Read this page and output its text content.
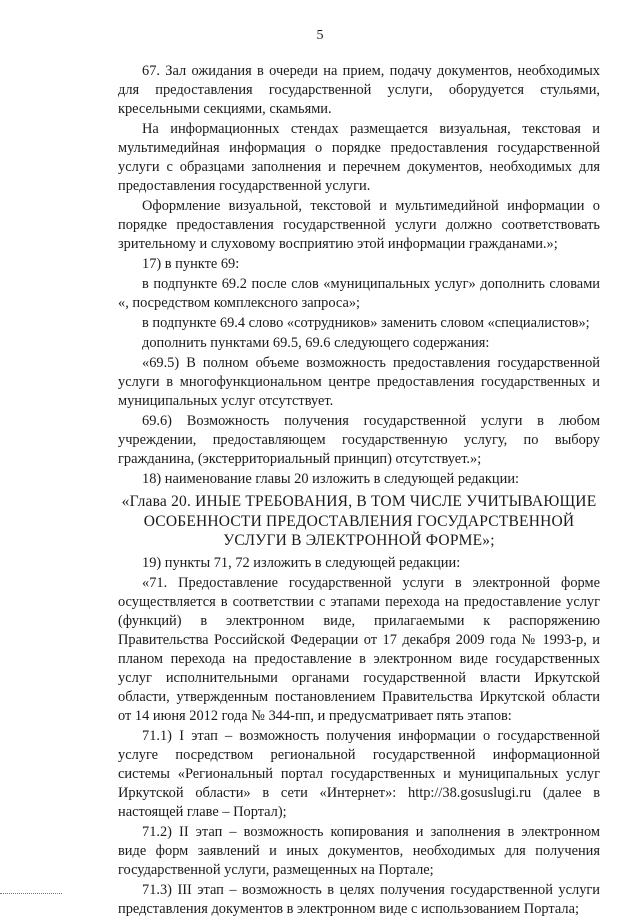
5

67. Зал ожидания в очереди на прием, подачу документов, необходимых для предоставления государственной услуги, оборудуется стульями, кресельными секциями, скамьями.

На информационных стендах размещается визуальная, текстовая и мультимедийная информация о порядке предоставления государственной услуги с образцами заполнения и перечнем документов, необходимых для предоставления государственной услуги.

Оформление визуальной, текстовой и мультимедийной информации о порядке предоставления государственной услуги должно соответствовать зрительному и слуховому восприятию этой информации гражданами.»;

17) в пункте 69:

в подпункте 69.2 после слов «муниципальных услуг» дополнить словами «, посредством комплексного запроса»;

в подпункте 69.4 слово «сотрудников» заменить словом «специалистов»;

дополнить пунктами 69.5, 69.6 следующего содержания:

«69.5) В полном объеме возможность предоставления государственной услуги в многофункциональном центре предоставления государственных и муниципальных услуг отсутствует.

69.6) Возможность получения государственной услуги в любом учреждении, предоставляющем государственную услугу, по выбору гражданина, (экстерриториальный принцип) отсутствует.»;

18) наименование главы 20 изложить в следующей редакции:

«Глава 20. ИНЫЕ ТРЕБОВАНИЯ, В ТОМ ЧИСЛЕ УЧИТЫВАЮЩИЕ ОСОБЕННОСТИ ПРЕДОСТАВЛЕНИЯ ГОСУДАРСТВЕННОЙ УСЛУГИ В ЭЛЕКТРОННОЙ ФОРМЕ»;

19) пункты 71, 72 изложить в следующей редакции:

«71. Предоставление государственной услуги в электронной форме осуществляется в соответствии с этапами перехода на предоставление услуг (функций) в электронном виде, прилагаемыми к распоряжению Правительства Российской Федерации от 17 декабря 2009 года № 1993-р, и планом перехода на предоставление в электронном виде государственных услуг исполнительными органами государственной власти Иркутской области, утвержденным постановлением Правительства Иркутской области от 14 июня 2012 года № 344-пп, и предусматривает пять этапов:

71.1) I этап – возможность получения информации о государственной услуге посредством региональной государственной информационной системы «Региональный портал государственных и муниципальных услуг Иркутской области» в сети «Интернет»: http://38.gosuslugi.ru (далее в настоящей главе – Портал);

71.2) II этап – возможность копирования и заполнения в электронном виде форм заявлений и иных документов, необходимых для получения государственной услуги, размещенных на Портале;

71.3) III этап – возможность в целях получения государственной услуги представления документов в электронном виде с использованием Портала;
